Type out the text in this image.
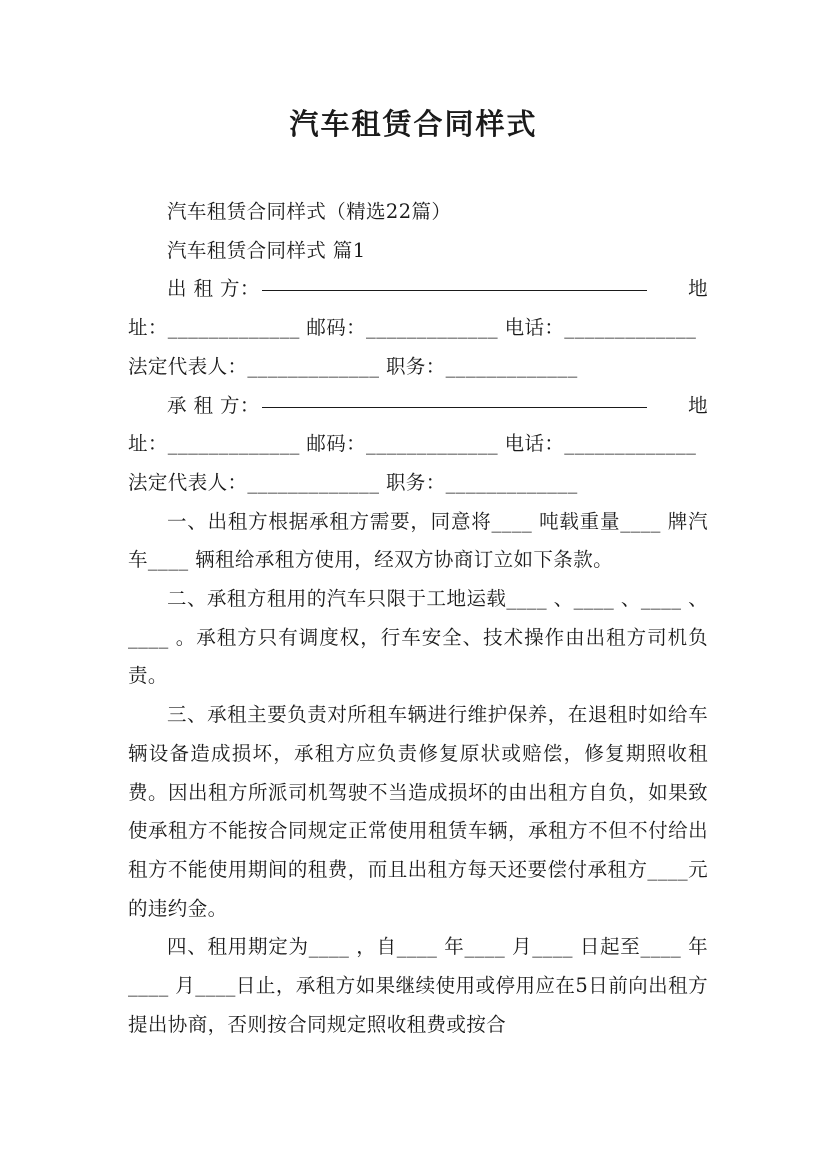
汽车租赁合同样式

汽车租赁合同样式（精选22篇）

汽车租赁合同样式 篇1

出 租 方：	地

址：_____________ 邮码：_____________ 电话：_____________

法定代表人：_____________ 职务：_____________

承 租 方：	地

址：_____________ 邮码：_____________ 电话：_____________

法定代表人：_____________ 职务：_____________

一、出租方根据承租方需要，同意将____ 吨载重量____ 牌汽车____ 辆租给承租方使用，经双方协商订立如下条款。

二、承租方租用的汽车只限于工地运载____ 、____ 、____ 、____ 。承租方只有调度权，行车安全、技术操作由出租方司机负责。

三、承租主要负责对所租车辆进行维护保养，在退租时如给车辆设备造成损坏，承租方应负责修复原状或赔偿，修复期照收租费。因出租方所派司机驾驶不当造成损坏的由出租方自负，如果致使承租方不能按合同规定正常使用租赁车辆，承租方不但不付给出租方不能使用期间的租费，而且出租方每天还要偿付承租方____元的违约金。

四、租用期定为____ ，自____ 年____ 月____ 日起至____ 年____ 月____日止，承租方如果继续使用或停用应在5日前向出租方提出协商，否则按合同规定照收租费或按合
